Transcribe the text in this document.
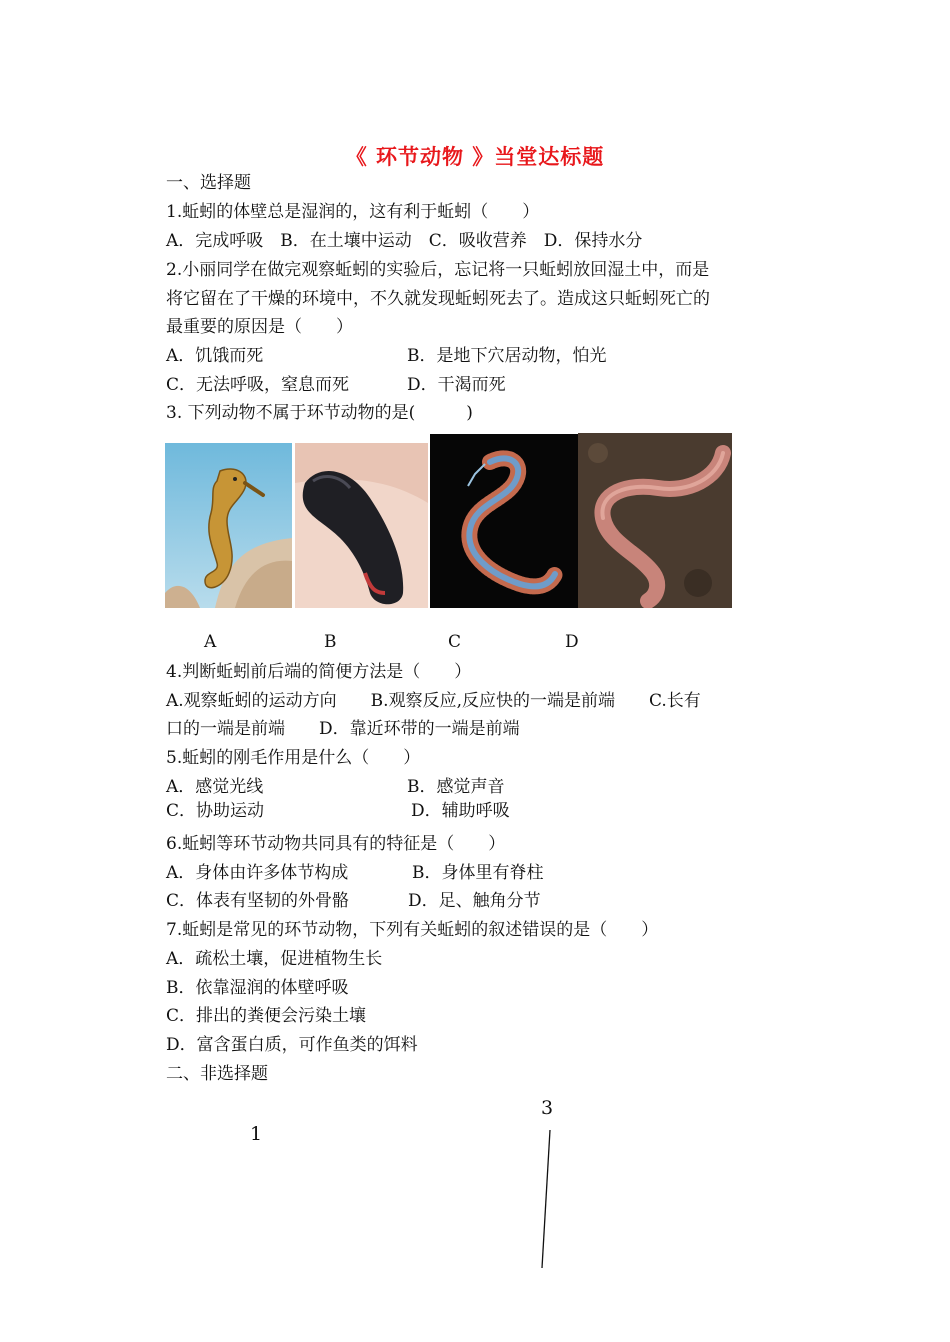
《 环节动物 》当堂达标题
一、选择题
1.蚯蚓的体壁总是湿润的，这有利于蚯蚓（　　）
A．完成呼吸　B．在土壤中运动　C．吸收营养　D．保持水分
2.小丽同学在做完观察蚯蚓的实验后，忘记将一只蚯蚓放回湿土中，而是
将它留在了干燥的环境中，不久就发现蚯蚓死去了。造成这只蚯蚓死亡的
最重要的原因是（　　）
A．饥饿而死	B．是地下穴居动物，怕光
C．无法呼吸，窒息而死	D．干渴而死
3. 下列动物不属于环节动物的是(　　　)
A	B	C	D
4.判断蚯蚓前后端的简便方法是（　　）
A.观察蚯蚓的运动方向　　B.观察反应,反应快的一端是前端　　C.长有
口的一端是前端　　D．靠近环带的一端是前端
5.蚯蚓的刚毛作用是什么（　　）
A．感觉光线	B．感觉声音
C．协助运动	D．辅助呼吸
6.蚯蚓等环节动物共同具有的特征是（　　）
A．身体由许多体节构成	B．身体里有脊柱
C．体表有坚韧的外骨骼	D．足、触角分节
7.蚯蚓是常见的环节动物，下列有关蚯蚓的叙述错误的是（　　）
A．疏松土壤，促进植物生长
B．依靠湿润的体壁呼吸
C．排出的粪便会污染土壤
D．富含蛋白质，可作鱼类的饵料
二、非选择题
1
3
